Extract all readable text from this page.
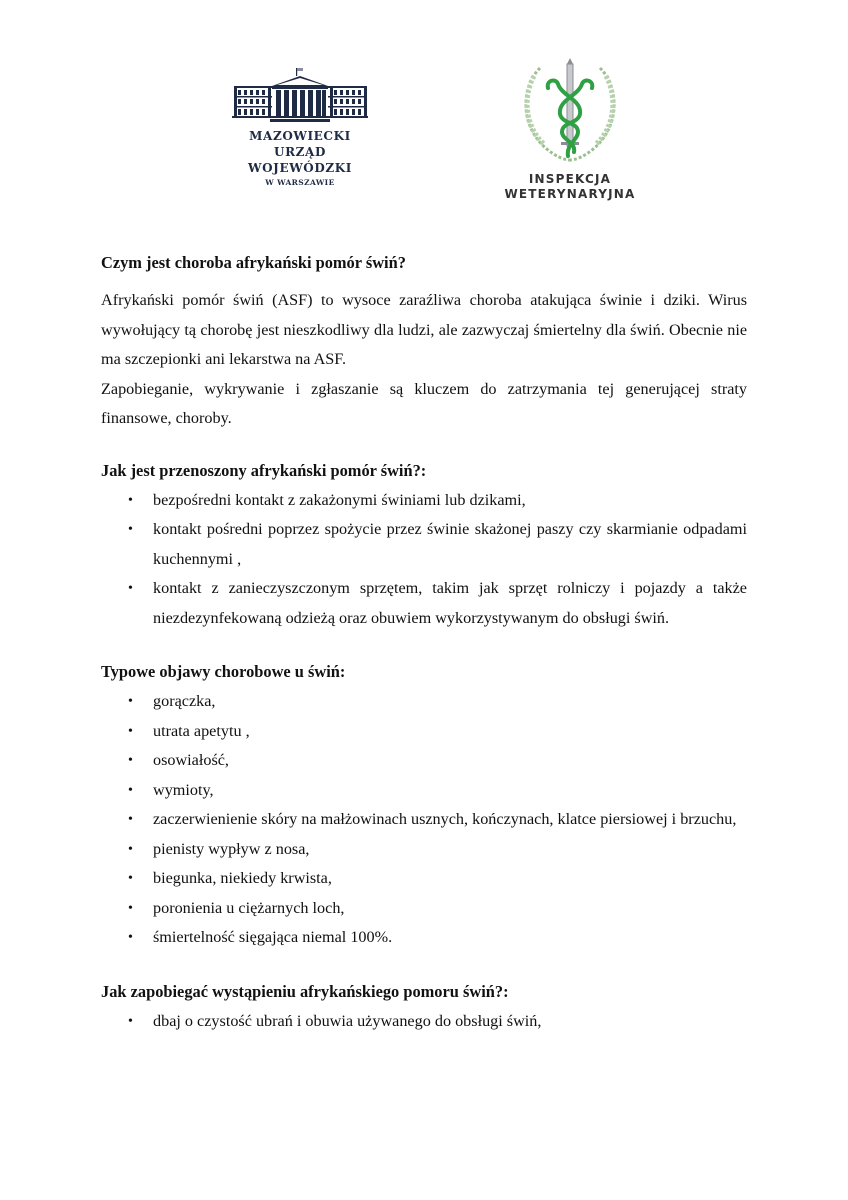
MAZOWIECKI
URZĄD WOJEWÓDZKI
W WARSZAWIE	INSPEKCJA
WETERYNARYJNA
Czym jest choroba afrykański pomór świń?

Afrykański pomór świń (ASF) to wysoce zaraźliwa choroba atakująca świnie i dziki. Wirus wywołujący tą chorobę jest nieszkodliwy dla ludzi, ale zazwyczaj śmiertelny dla świń. Obecnie nie ma szczepionki ani lekarstwa na ASF.

Zapobieganie, wykrywanie i zgłaszanie są kluczem do zatrzymania tej generującej straty finansowe, choroby.

Jak jest przenoszony afrykański pomór świń?:
• bezpośredni kontakt z zakażonymi świniami lub dzikami,
• kontakt pośredni poprzez spożycie przez świnie skażonej paszy czy skarmianie odpadami kuchennymi ,
• kontakt z zanieczyszczonym sprzętem, takim jak sprzęt rolniczy i pojazdy a także niezdezynfekowaną odzieżą oraz obuwiem wykorzystywanym do obsługi świń.
Typowe objawy chorobowe u świń:
• gorączka,
• utrata apetytu ,
• osowiałość,
• wymioty,
• zaczerwienienie skóry na małżowinach usznych, kończynach, klatce piersiowej i brzuchu,
• pienisty wypływ z nosa,
• biegunka, niekiedy krwista,
• poronienia u ciężarnych loch,
• śmiertelność sięgająca niemal 100%.
Jak zapobiegać wystąpieniu afrykańskiego pomoru świń?:
• dbaj o czystość ubrań i obuwia używanego do obsługi świń,
